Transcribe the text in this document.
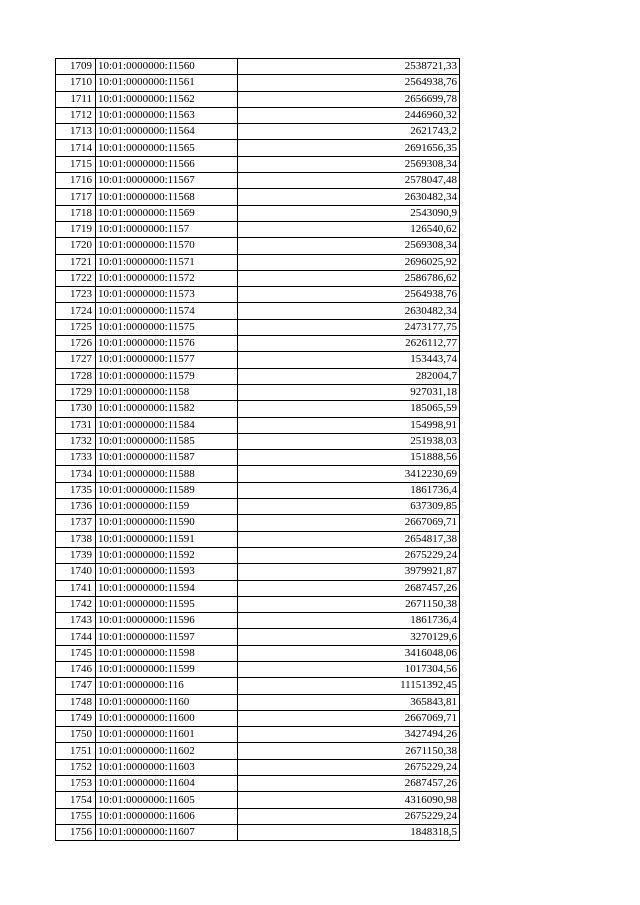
1709	10:01:0000000:11560	2538721,33
1710	10:01:0000000:11561	2564938,76
1711	10:01:0000000:11562	2656699,78
1712	10:01:0000000:11563	2446960,32
1713	10:01:0000000:11564	2621743,2
1714	10:01:0000000:11565	2691656,35
1715	10:01:0000000:11566	2569308,34
1716	10:01:0000000:11567	2578047,48
1717	10:01:0000000:11568	2630482,34
1718	10:01:0000000:11569	2543090,9
1719	10:01:0000000:1157	126540,62
1720	10:01:0000000:11570	2569308,34
1721	10:01:0000000:11571	2696025,92
1722	10:01:0000000:11572	2586786,62
1723	10:01:0000000:11573	2564938,76
1724	10:01:0000000:11574	2630482,34
1725	10:01:0000000:11575	2473177,75
1726	10:01:0000000:11576	2626112,77
1727	10:01:0000000:11577	153443,74
1728	10:01:0000000:11579	282004,7
1729	10:01:0000000:1158	927031,18
1730	10:01:0000000:11582	185065,59
1731	10:01:0000000:11584	154998,91
1732	10:01:0000000:11585	251938,03
1733	10:01:0000000:11587	151888,56
1734	10:01:0000000:11588	3412230,69
1735	10:01:0000000:11589	1861736,4
1736	10:01:0000000:1159	637309,85
1737	10:01:0000000:11590	2667069,71
1738	10:01:0000000:11591	2654817,38
1739	10:01:0000000:11592	2675229,24
1740	10:01:0000000:11593	3979921,87
1741	10:01:0000000:11594	2687457,26
1742	10:01:0000000:11595	2671150,38
1743	10:01:0000000:11596	1861736,4
1744	10:01:0000000:11597	3270129,6
1745	10:01:0000000:11598	3416048,06
1746	10:01:0000000:11599	1017304,56
1747	10:01:0000000:116	11151392,45
1748	10:01:0000000:1160	365843,81
1749	10:01:0000000:11600	2667069,71
1750	10:01:0000000:11601	3427494,26
1751	10:01:0000000:11602	2671150,38
1752	10:01:0000000:11603	2675229,24
1753	10:01:0000000:11604	2687457,26
1754	10:01:0000000:11605	4316090,98
1755	10:01:0000000:11606	2675229,24
1756	10:01:0000000:11607	1848318,5
